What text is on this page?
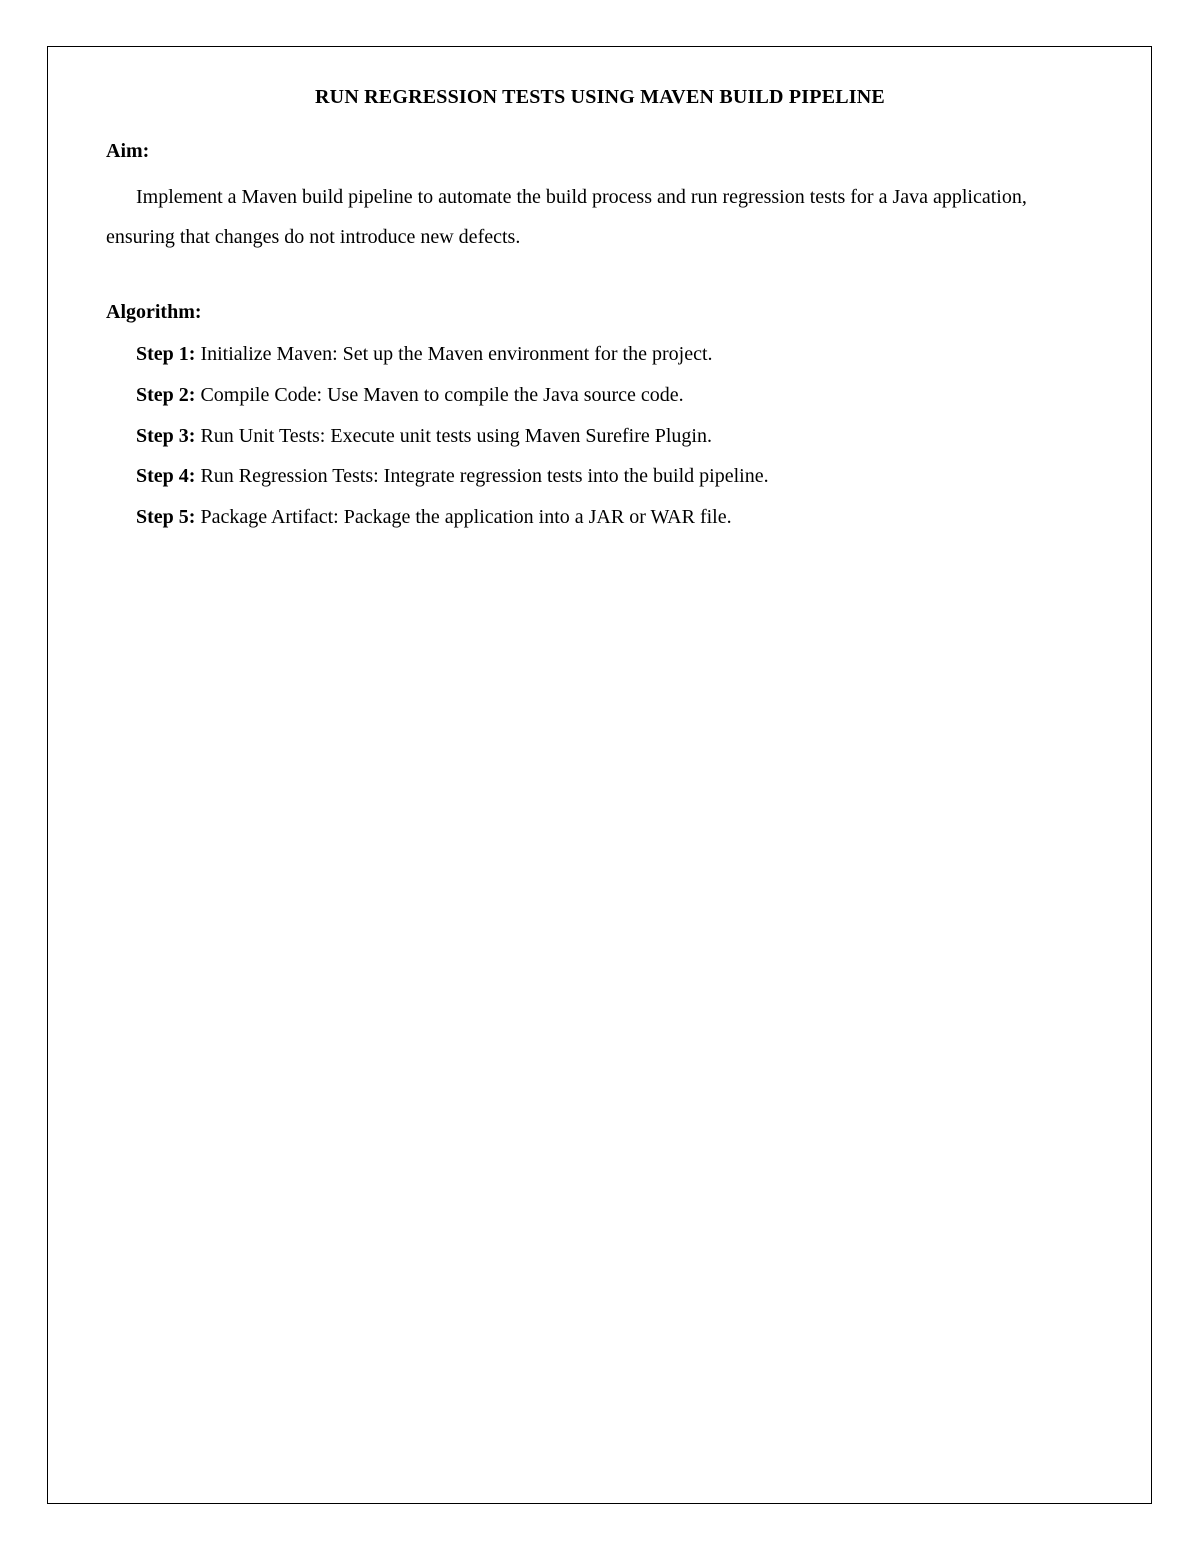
RUN REGRESSION TESTS USING MAVEN BUILD PIPELINE
Aim:
Implement a Maven build pipeline to automate the build process and run regression tests for a Java application, ensuring that changes do not introduce new defects.
Algorithm:
Step 1: Initialize Maven: Set up the Maven environment for the project.
Step 2: Compile Code: Use Maven to compile the Java source code.
Step 3: Run Unit Tests: Execute unit tests using Maven Surefire Plugin.
Step 4: Run Regression Tests: Integrate regression tests into the build pipeline.
Step 5: Package Artifact: Package the application into a JAR or WAR file.
